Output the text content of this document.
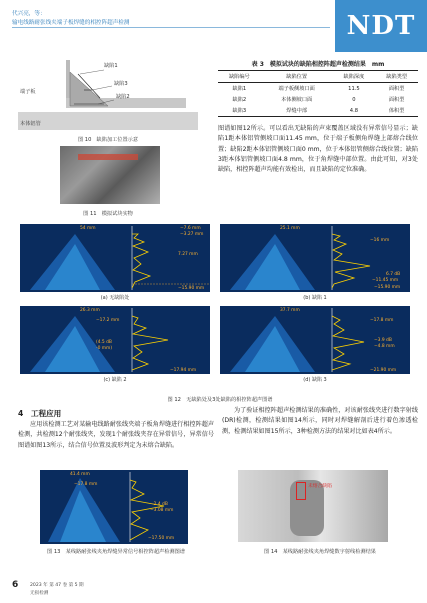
代兴亮，等：
输电线路耐张线夹端子板焊缝的相控阵超声检测	NDT
缺陷1
缺陷3
缺陷2
端子板
本体铝管
图 10　缺陷加工位置示意
图 11　模拟试块实物
表 3　模拟试块的缺陷相控阵超声检测结果　mm
缺陷编号	缺陷位置	缺陷深度	缺陷类型
缺陷1	端子板侧坡口面	11.5	面积型
缺陷2	本体侧坡口面	0	面积型
缺陷3	焊缝中部	4.8	体积型
图谱如图12所示。可以看出无缺陷的声束覆盖区域没有异常信号显示；缺陷1距本体铝管侧坡口面11.45 mm，位于端子板侧角焊缝上部熔合线位置；缺陷2距本体铝管侧坡口面0 mm，位于本体铝管侧熔合线位置；缺陷3距本体铝管侧坡口面4.8 mm，位于角焊缝中部位置。由此可知，对3处缺陷，相控阵超声均能有效检出，而且缺陷的定位准确。
54 mm	−7.6 mm
−3.27 mm
7.27 mm
−15.90 mm
(a) 无缺陷处
25.1 mm
−16 mm
−11.45 mm
6.7 dB
−15.90 mm
(b) 缺陷 1
26.3 mm
−17.2 mm
(4.5 dB
-0 mm)
−17.94 mm
(c) 缺陷 2
37.7 mm
−17.8 mm
−3.9 dB
−4.8 mm
−21.90 mm
(d) 缺陷 3
图 12　无缺陷处及3处缺陷的相控阵超声图谱
4　工程应用
应用该检测工艺对某输电线路耐张线夹端子板角焊缝进行相控阵超声检测，共检测12个耐张线夹，发现1个耐张线夹存在异常信号，异常信号图谱如图13所示，结合信号位置及波形判定为未熔合缺陷。
为了验证相控阵超声检测结果的准确性，对该耐张线夹进行数字射线(DR)检测，检测结果如图14所示，同时对焊缝解剖后进行着色渗透检测，检测结果如图15所示，3种检测方法的结果对比如表4所示。
41.4 mm
−17.8 mm
−2.4 dB
−3.08 mm
−17.50 mm
图 13　某线路耐张线夹角焊缝异常信号相控阵超声检测图谱
未熔合缺陷
图 14　某线路耐张线夹角焊缝数字射线检测结果
6	2023 年 第 47 卷 第 5 期
无损检测
